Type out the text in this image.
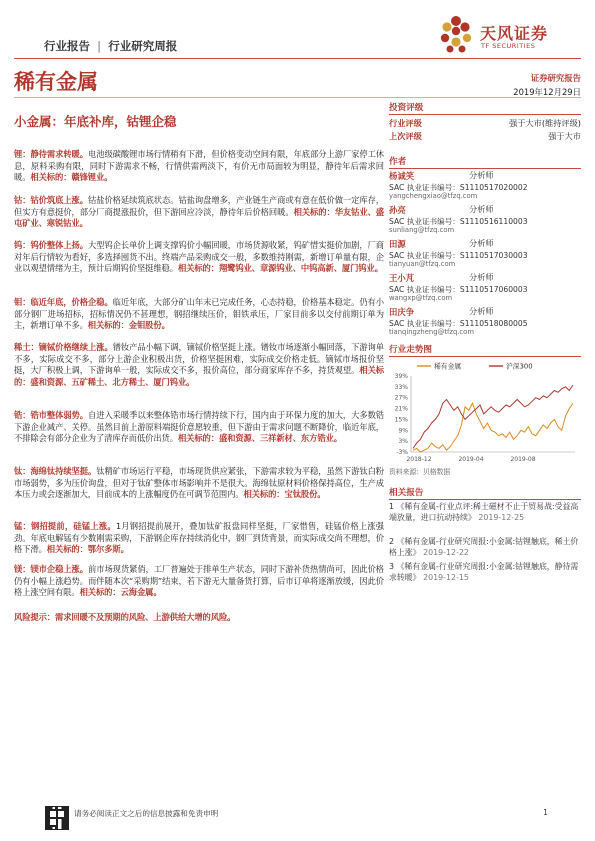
行业报告 | 行业研究周报
天风证券
TF SECURITIES
稀有金属	证券研究报告
2019年12月29日
小金属：年底补库，钴锂企稳
锂：静待需求转暖。电池级碳酸锂市场行情稍有下滑，但价格变动空间有限，年底部分上游厂家停工休息，原料采购有限，同时下游需求不畅，行情供需两淡下，有价无市局面较为明显，静待年后需求回暖。相关标的：赣锋锂业。
钴：钴价筑底上涨。钴盐价格延续筑底状态。钴盐询盘增多，产业链生产商或有意在低价做一定库存，但实方有意挺价，部分厂商提涨报价，但下游回应冷淡，静待年后价格回暖。相关标的：华友钴业、盛屯矿业、寒锐钴业。
钨：钨价整体上扬。大型钨企长单价上调支撑钨价小幅回暖，市场货源收紧，钨矿惜实挺价加剧，厂商对年后行情较为看好，多选择囤货不出。终端产品采购成交一般，多数维持刚需，新增订单量有限，企业以观望情绪为主，预计后期钨价坚挺维稳。相关标的：翔鹭钨业、章源钨业、中钨高新、厦门钨业。
钼：临近年底，价格企稳。临近年底，大部分矿山年末已完成任务，心态持稳，价格基本稳定。仍有小部分钢厂进场招标，招标情况仍不甚理想，钢招继续压价，钼铁承压，厂家目前多以交付前期订单为主，新增订单不多。相关标的：金钼股份。
稀土：镝铽价格继续上涨。镨钕产品小幅下调，镝铽价格坚挺上涨。镨钕市场逐渐小幅回落，下游询单不多，实际成交不多，部分上游企业积极出货，价格坚挺困难，实际成交价格走低。镝铽市场报价坚挺，大厂积极上调，下游询单一般，实际成交不多，报价高位，部分商家库存不多，持货观望。相关标的：盛和资源、五矿稀土、北方稀土、厦门钨业。
锆：锆市整体弱势。自进入采暖季以来整体锆市场行情持续下行，国内由于环保力度的加大，大多数锆下游企业减产、关停。虽然目前上游原料端挺价意愿较重，但下游由于需求问题不断降价，临近年底，不排除会有部分企业为了清库存而低价出货。相关标的：盛和资源、三祥新材、东方锆业。
钛：海绵钛持续坚挺。钛精矿市场运行平稳，市场现货供应紧张，下游需求较为平稳，虽然下游钛白粉市场弱势，多为压价询盘，但对于钛矿整体市场影响并不是很大。海绵钛原材料价格保持高位，生产成本压力或会逐渐加大，目前成本的上涨幅度仍在可调节范围内。相关标的：宝钛股份。
锰：钢招提前，硅锰上涨。1月钢招提前展开，叠加钛矿报盘同样坚挺，厂家惜售，硅锰价格上涨强劲。年底电解锰有少数刚需采购，下游钢企库存持续消化中，钢厂到货背景，而实际成交尚不理想，价格下滑。相关标的：鄂尔多斯。
镁：镁市企稳上涨。前市场现货紧俏，工厂普遍处于排单生产状态，同时下游补货热情尚可，因此价格仍有小幅上涨趋势。而伴随本次“采购期”结束，若下游无大量备货打算，后市订单将逐渐放缓，因此价格上涨空间有限。相关标的：云海金属。
风险提示：需求回暖不及预期的风险、上游供给大增的风险。
投资评级
行业评级	强于大市(维持评级)
上次评级	强于大市
作者
杨诚笑	分析师
SAC 执业证书编号：S1110517020002
yangchengxiao@tfzq.com
孙亮	分析师
SAC 执业证书编号：S1110516110003
sunliang@tfzq.com
田源	分析师
SAC 执业证书编号：S1110517030003
tianyuan@tfzq.com
王小芃	分析师
SAC 执业证书编号：S1110517060003
wangxp@tfzq.com
田庆争	分析师
SAC 执业证书编号：S1110518080005
tianqingzheng@tfzq.com
行业走势图
稀有金属	沪深300
39%
33%
27%
21%
15%
9%
3%
-3%
2018-12	2019-04	2019-08
资料来源：贝格数据
相关报告
1 《稀有金属-行业点评:稀土磁材不止于贸易战:受益高端放量，进口抗动持续》 2019-12-25
2 《稀有金属-行业研究周报:小金属:钴锂触底，稀土价格上涨》 2019-12-22
3 《稀有金属-行业研究周报:小金属:钴锂触底，静待需求转暖》 2019-12-15
请务必阅读正文之后的信息披露和免责申明	1
